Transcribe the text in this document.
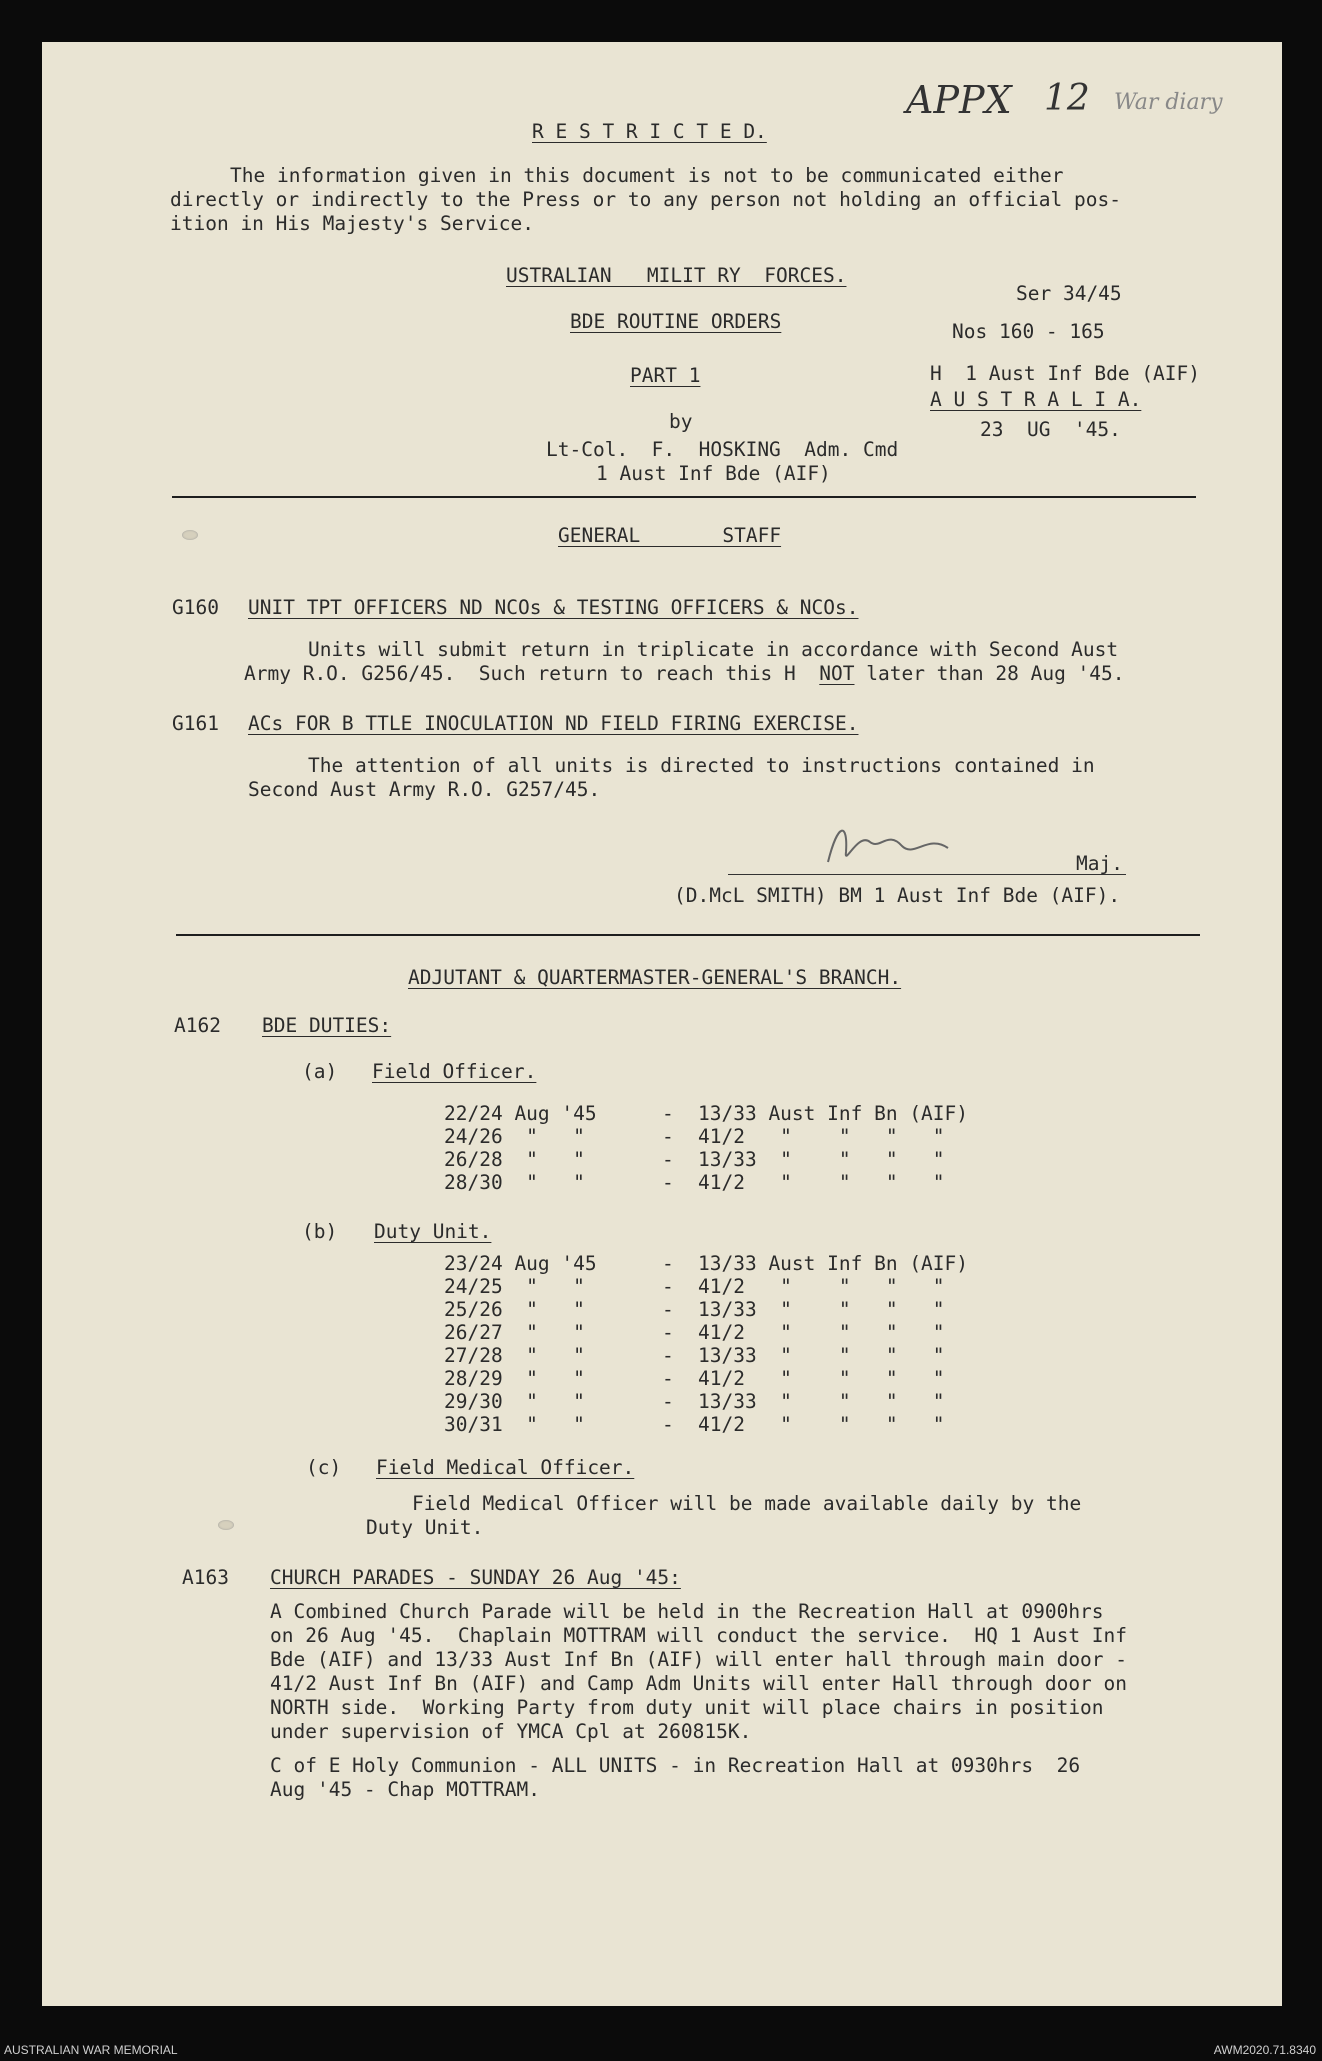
APPX 12 War diary
R E S T R I C T E D.
The information given in this document is not to be communicated either
directly or indirectly to the Press or to any person not holding an official pos-
ition in His Majesty's Service.
USTRALIAN   MILIT RY  FORCES.
BDE ROUTINE ORDERS
PART 1
by
Lt-Col.  F.  HOSKING  Adm. Cmd
1 Aust Inf Bde (AIF)
Ser 34/45
Nos 160 - 165
H  1 Aust Inf Bde (AIF)
A U S T R A L I A.
23  UG  '45.
GENERAL       STAFF
G160 UNIT TPT OFFICERS ND NCOs & TESTING OFFICERS & NCOs.
Units will submit return in triplicate in accordance with Second Aust
Army R.O. G256/45.  Such return to reach this H  NOT later than 28 Aug '45.
G161 ACs FOR B TTLE INOCULATION ND FIELD FIRING EXERCISE.
The attention of all units is directed to instructions contained in
Second Aust Army R.O. G257/45.
Maj.
(D.McL SMITH) BM 1 Aust Inf Bde (AIF).
ADJUTANT & QUARTERMASTER-GENERAL'S BRANCH.
A162 BDE DUTIES:
(a) Field Officer.
22/24 Aug '45	- 13/33 Aust Inf Bn (AIF)
24/26  "   "	- 41/2   "    "   "   "
26/28  "   "	- 13/33  "    "   "   "
28/30  "   "	- 41/2   "    "   "   "
(b) Duty Unit.
23/24 Aug '45	- 13/33 Aust Inf Bn (AIF)
24/25  "   "	- 41/2   "    "   "   "
25/26  "   "	- 13/33  "    "   "   "
26/27  "   "	- 41/2   "    "   "   "
27/28  "   "	- 13/33  "    "   "   "
28/29  "   "	- 41/2   "    "   "   "
29/30  "   "	- 13/33  "    "   "   "
30/31  "   "	- 41/2   "    "   "   "
(c) Field Medical Officer.
Field Medical Officer will be made available daily by the
Duty Unit.
A163 CHURCH PARADES - SUNDAY 26 Aug '45:
A Combined Church Parade will be held in the Recreation Hall at 0900hrs
on 26 Aug '45.  Chaplain MOTTRAM will conduct the service.  HQ 1 Aust Inf
Bde (AIF) and 13/33 Aust Inf Bn (AIF) will enter hall through main door -
41/2 Aust Inf Bn (AIF) and Camp Adm Units will enter Hall through door on
NORTH side.  Working Party from duty unit will place chairs in position
under supervision of YMCA Cpl at 260815K.
C of E Holy Communion - ALL UNITS - in Recreation Hall at 0930hrs  26
Aug '45 - Chap MOTTRAM.
AUSTRALIAN WAR MEMORIAL	AWM2020.71.8340
